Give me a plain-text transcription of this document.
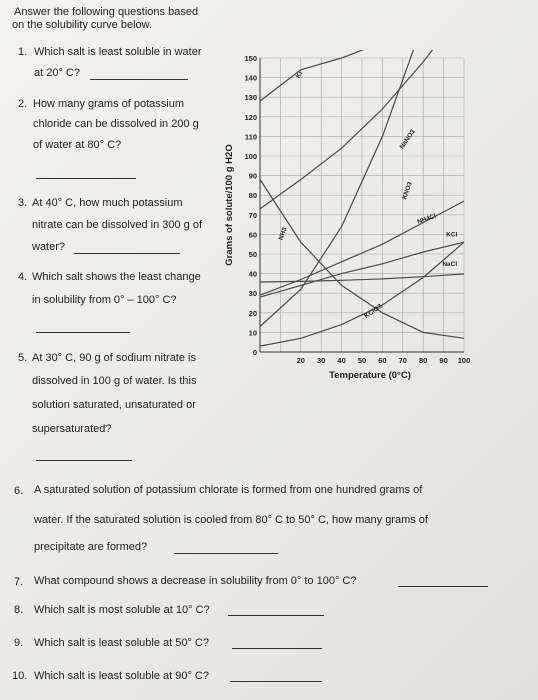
Answer the following questions based
on the solubility curve below.
1. Which salt is least soluble in water
at 20° C?
2. How many grams of potassium
chloride can be dissolved in 200 g
of water at 80° C?
3. At 40° C, how much potassium
nitrate can be dissolved in 300 g of
water?
4. Which salt shows the least change
in solubility from 0° – 100° C?
5. At 30° C, 90 g of sodium nitrate is
dissolved in 100 g of water. Is this
solution saturated, unsaturated or
supersaturated?
6. A saturated solution of potassium chlorate is formed from one hundred grams of
water. If the saturated solution is cooled from 80° C to 50° C, how many grams of
precipitate are formed?
7. What compound shows a decrease in solubility from 0° to 100° C?
8. Which salt is most soluble at 10° C?
9. Which salt is least soluble at 50° C?
10. Which salt is least soluble at 90° C?
0
10
20
30
40
50
60
70
80
90
100
110
120
130
140
150
20 30 40 50 60 70 80 90 100
Temperature (0°C)
Grams of solute/100 g H2O
KI
NaNO3
KNO3
NH3
NH4Cl
KCl
NaCl
KClO3
